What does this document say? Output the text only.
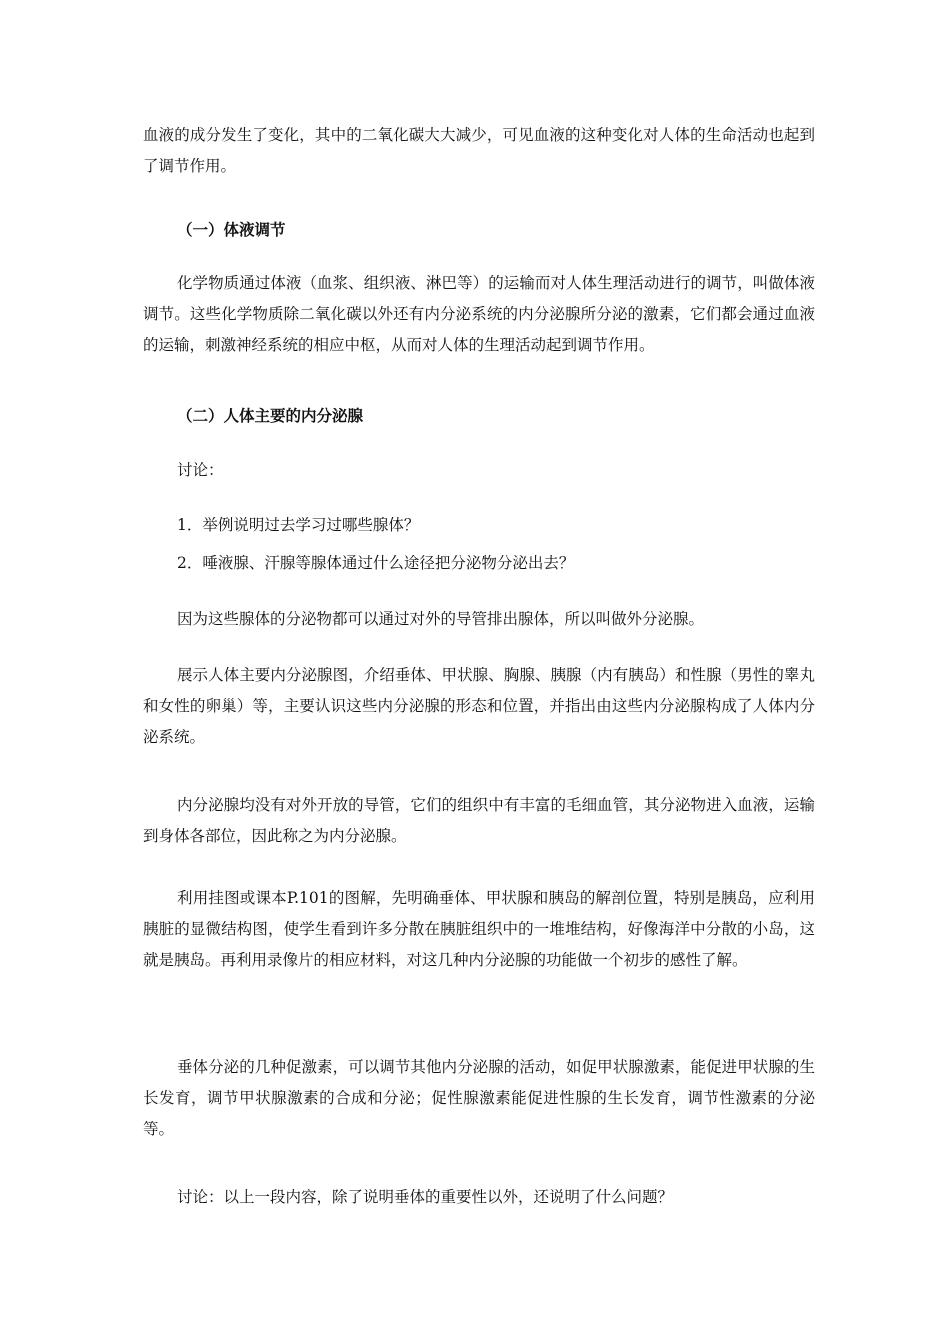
血液的成分发生了变化，其中的二氧化碳大大减少，可见血液的这种变化对人体的生命活动也起到了调节作用。

（一）体液调节

化学物质通过体液（血浆、组织液、淋巴等）的运输而对人体生理活动进行的调节，叫做体液调节。这些化学物质除二氧化碳以外还有内分泌系统的内分泌腺所分泌的激素，它们都会通过血液的运输，刺激神经系统的相应中枢，从而对人体的生理活动起到调节作用。

（二）人体主要的内分泌腺

讨论：

1．举例说明过去学习过哪些腺体？

2．唾液腺、汗腺等腺体通过什么途径把分泌物分泌出去？

因为这些腺体的分泌物都可以通过对外的导管排出腺体，所以叫做外分泌腺。

展示人体主要内分泌腺图，介绍垂体、甲状腺、胸腺、胰腺（内有胰岛）和性腺（男性的睾丸和女性的卵巢）等，主要认识这些内分泌腺的形态和位置，并指出由这些内分泌腺构成了人体内分泌系统。

内分泌腺均没有对外开放的导管，它们的组织中有丰富的毛细血管，其分泌物进入血液，运输到身体各部位，因此称之为内分泌腺。

利用挂图或课本P.101的图解，先明确垂体、甲状腺和胰岛的解剖位置，特别是胰岛，应利用胰脏的显微结构图，使学生看到许多分散在胰脏组织中的一堆堆结构，好像海洋中分散的小岛，这就是胰岛。再利用录像片的相应材料，对这几种内分泌腺的功能做一个初步的感性了解。

垂体分泌的几种促激素，可以调节其他内分泌腺的活动，如促甲状腺激素，能促进甲状腺的生长发育，调节甲状腺激素的合成和分泌；促性腺激素能促进性腺的生长发育，调节性激素的分泌等。

讨论：以上一段内容，除了说明垂体的重要性以外，还说明了什么问题？
